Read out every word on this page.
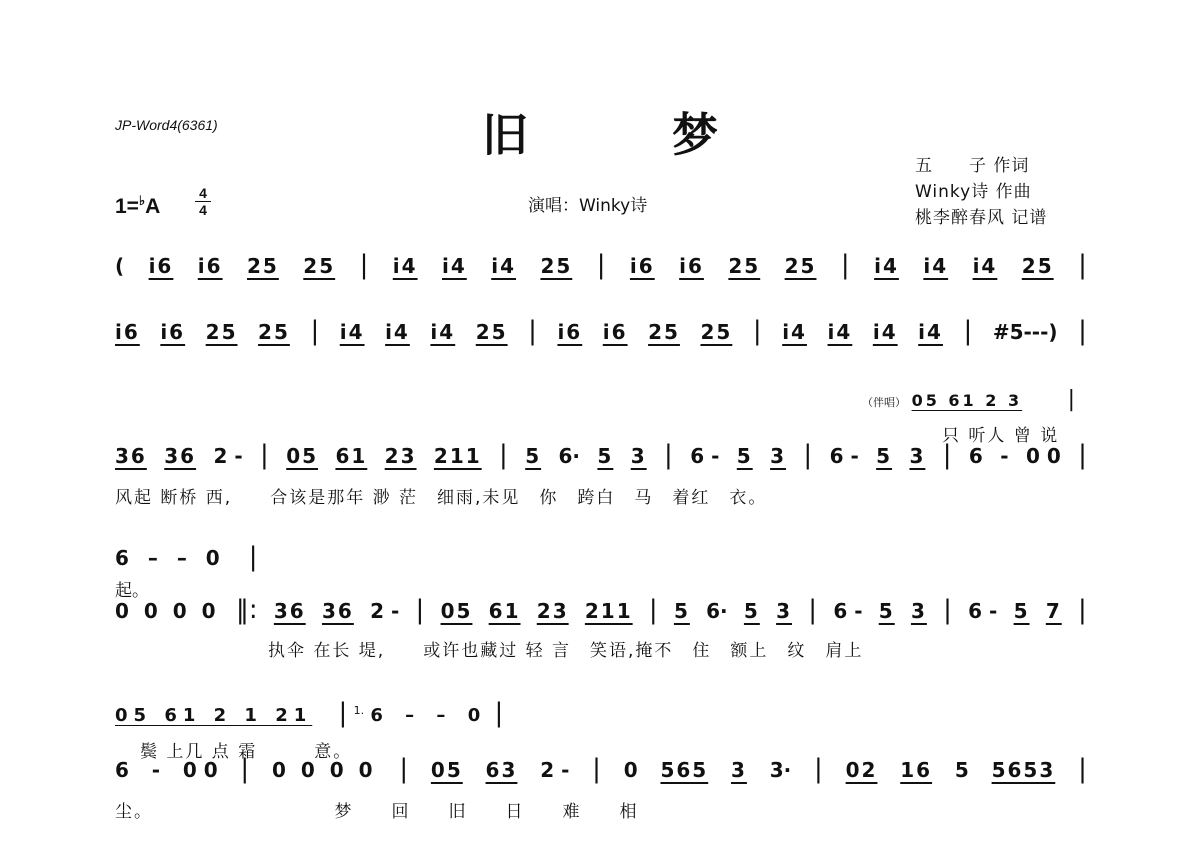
JP-Word4(6361)	旧	梦
1=♭A
4
4	演唱：Winky诗
五　　子 作词
Winky诗 作曲
桃李醉春风 记谱
( i6 i6 25 25 | i4 i4 i4 25 | i6 i6 25 25 | i4 i4 i4 25 |
i6 i6 25 25 | i4 i4 i4 25 | i6 i6 25 25 | i4 i4 i4 i4 | #5---) |
（伴唱） 05 61 2 3 |
只 听人 曾 说
36 36 2 - | 05 61 23 211 | 5 6· 5 3 | 6 - 5 3 | 6 - 5 3 | 6 - 0 0 |
风起 断桥 西,　　合该是那年 渺 茫　细雨,未见　你　跨白　马　着红　衣。
6 – – 0 |
起。
0 0 0 0 ‖: 36 36 2 - | 05 61 23 211 | 5 6· 5 3 | 6 - 5 3 | 6 - 5 7 |
执伞 在长 堤,　　或许也藏过 轻 言　笑语,掩不　住　额上　纹　肩上
05 61 2 1 21 | $^{1.}$ 6 – – 0 |
鬓 上几 点 霜　　　意。
6 - 0 0 | 0 0 0 0 | 05 63 2 - | 0 565 3 3· | 02 16 5 5653 |
尘。　　　　　　　　　　梦　　回　　旧　　日　　难　　相
